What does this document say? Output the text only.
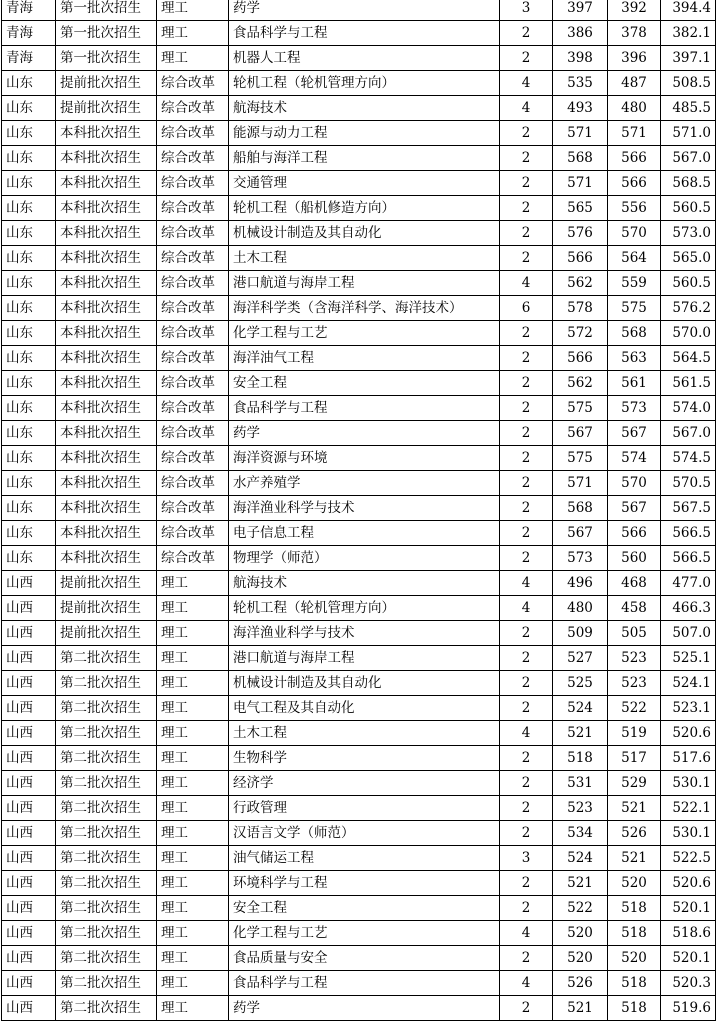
青海	第一批次招生	理工	药学	3	397	392	394.4
青海	第一批次招生	理工	食品科学与工程	2	386	378	382.1
青海	第一批次招生	理工	机器人工程	2	398	396	397.1
山东	提前批次招生	综合改革	轮机工程（轮机管理方向）	4	535	487	508.5
山东	提前批次招生	综合改革	航海技术	4	493	480	485.5
山东	本科批次招生	综合改革	能源与动力工程	2	571	571	571.0
山东	本科批次招生	综合改革	船舶与海洋工程	2	568	566	567.0
山东	本科批次招生	综合改革	交通管理	2	571	566	568.5
山东	本科批次招生	综合改革	轮机工程（船机修造方向）	2	565	556	560.5
山东	本科批次招生	综合改革	机械设计制造及其自动化	2	576	570	573.0
山东	本科批次招生	综合改革	土木工程	2	566	564	565.0
山东	本科批次招生	综合改革	港口航道与海岸工程	4	562	559	560.5
山东	本科批次招生	综合改革	海洋科学类（含海洋科学、海洋技术）	6	578	575	576.2
山东	本科批次招生	综合改革	化学工程与工艺	2	572	568	570.0
山东	本科批次招生	综合改革	海洋油气工程	2	566	563	564.5
山东	本科批次招生	综合改革	安全工程	2	562	561	561.5
山东	本科批次招生	综合改革	食品科学与工程	2	575	573	574.0
山东	本科批次招生	综合改革	药学	2	567	567	567.0
山东	本科批次招生	综合改革	海洋资源与环境	2	575	574	574.5
山东	本科批次招生	综合改革	水产养殖学	2	571	570	570.5
山东	本科批次招生	综合改革	海洋渔业科学与技术	2	568	567	567.5
山东	本科批次招生	综合改革	电子信息工程	2	567	566	566.5
山东	本科批次招生	综合改革	物理学（师范）	2	573	560	566.5
山西	提前批次招生	理工	航海技术	4	496	468	477.0
山西	提前批次招生	理工	轮机工程（轮机管理方向）	4	480	458	466.3
山西	提前批次招生	理工	海洋渔业科学与技术	2	509	505	507.0
山西	第二批次招生	理工	港口航道与海岸工程	2	527	523	525.1
山西	第二批次招生	理工	机械设计制造及其自动化	2	525	523	524.1
山西	第二批次招生	理工	电气工程及其自动化	2	524	522	523.1
山西	第二批次招生	理工	土木工程	4	521	519	520.6
山西	第二批次招生	理工	生物科学	2	518	517	517.6
山西	第二批次招生	理工	经济学	2	531	529	530.1
山西	第二批次招生	理工	行政管理	2	523	521	522.1
山西	第二批次招生	理工	汉语言文学（师范）	2	534	526	530.1
山西	第二批次招生	理工	油气储运工程	3	524	521	522.5
山西	第二批次招生	理工	环境科学与工程	2	521	520	520.6
山西	第二批次招生	理工	安全工程	2	522	518	520.1
山西	第二批次招生	理工	化学工程与工艺	4	520	518	518.6
山西	第二批次招生	理工	食品质量与安全	2	520	520	520.1
山西	第二批次招生	理工	食品科学与工程	4	526	518	520.3
山西	第二批次招生	理工	药学	2	521	518	519.6
